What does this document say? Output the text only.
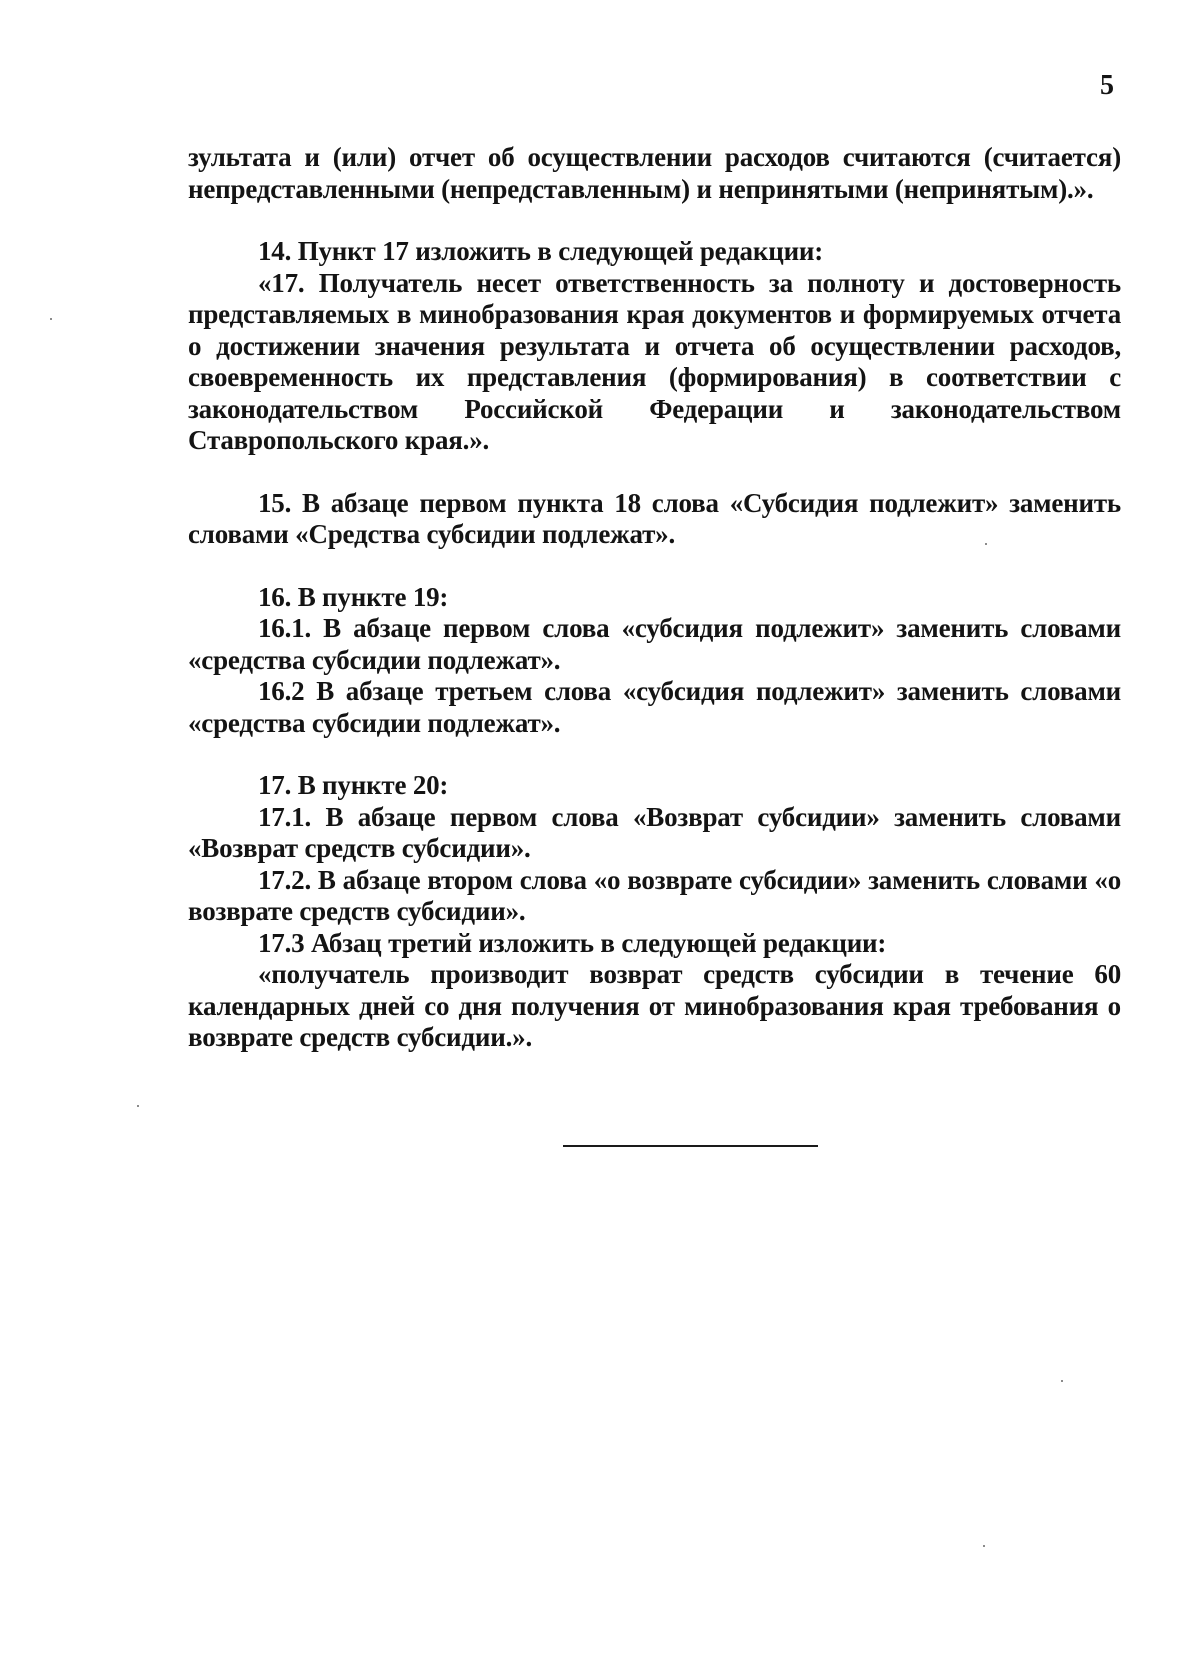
5

зультата и (или) отчет об осуществлении расходов считаются (считается) непредставленными (непредставленным) и непринятыми (непринятым).».

14. Пункт 17 изложить в следующей редакции:

«17. Получатель несет ответственность за полноту и достоверность представляемых в минобразования края документов и формируемых отчета о достижении значения результата и отчета об осуществлении расходов, своевременность их представления (формирования) в соответствии с законодательством Российской Федерации и законодательством Ставропольского края.».

15. В абзаце первом пункта 18 слова «Субсидия подлежит» заменить словами «Средства субсидии подлежат».

16. В пункте 19:

16.1. В абзаце первом слова «субсидия подлежит» заменить словами «средства субсидии подлежат».

16.2 В абзаце третьем слова «субсидия подлежит» заменить словами «средства субсидии подлежат».

17. В пункте 20:

17.1. В абзаце первом слова «Возврат субсидии» заменить словами «Возврат средств субсидии».

17.2. В абзаце втором слова «о возврате субсидии» заменить словами «о возврате средств субсидии».

17.3 Абзац третий изложить в следующей редакции:

«получатель производит возврат средств субсидии в течение 60 календарных дней со дня получения от минобразования края требования о возврате средств субсидии.».
